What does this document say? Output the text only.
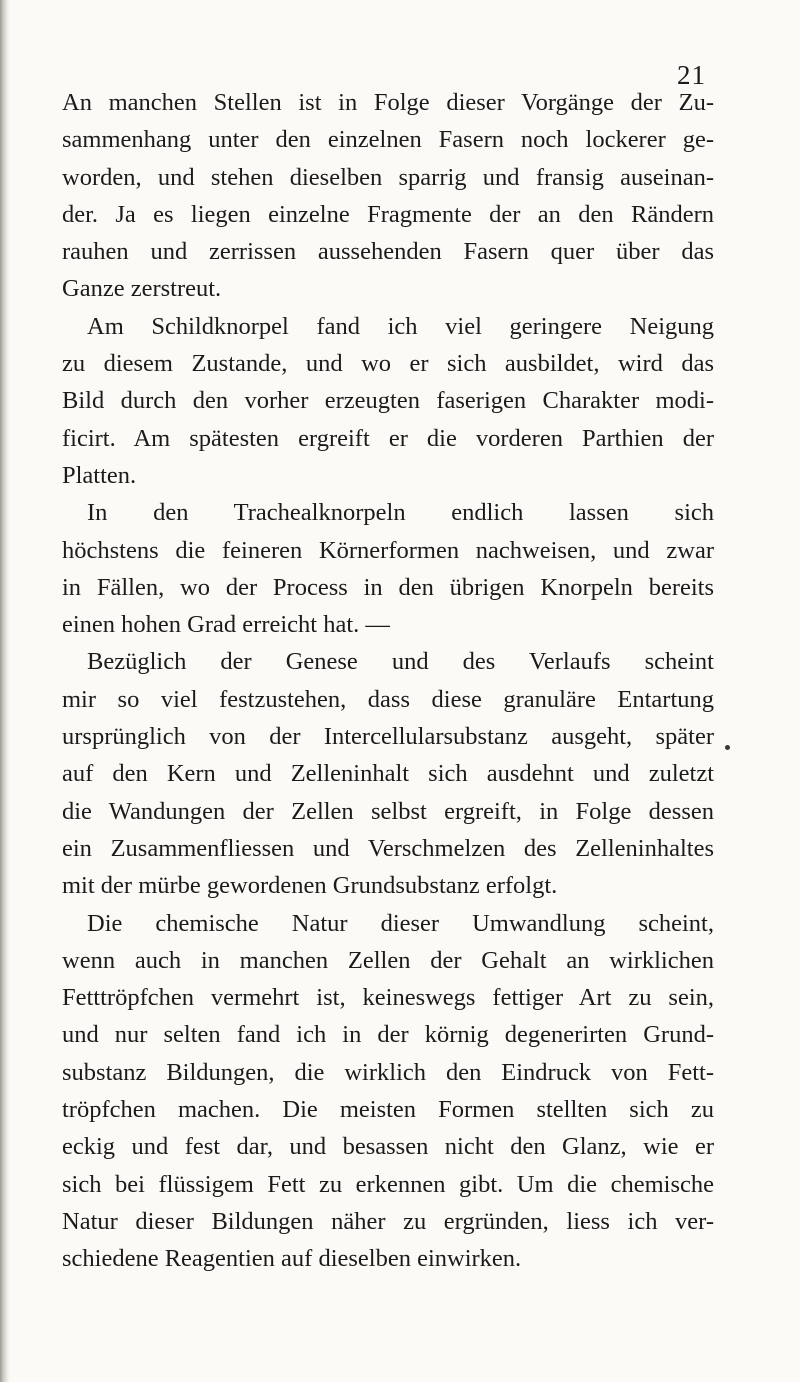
21
An manchen Stellen ist in Folge dieser Vorgänge der Zu-
sammenhang unter den einzelnen Fasern noch lockerer ge-
worden, und stehen dieselben sparrig und fransig auseinan-
der. Ja es liegen einzelne Fragmente der an den Rändern
rauhen und zerrissen aussehenden Fasern quer über das
Ganze zerstreut.
Am Schildknorpel fand ich viel geringere Neigung
zu diesem Zustande, und wo er sich ausbildet, wird das
Bild durch den vorher erzeugten faserigen Charakter modi-
ficirt. Am spätesten ergreift er die vorderen Parthien der
Platten.
In den Trachealknorpeln endlich lassen sich
höchstens die feineren Körnerformen nachweisen, und zwar
in Fällen, wo der Process in den übrigen Knorpeln bereits
einen hohen Grad erreicht hat. —
Bezüglich der Genese und des Verlaufs scheint
mir so viel festzustehen, dass diese granuläre Entartung
ursprünglich von der Intercellularsubstanz ausgeht, später
auf den Kern und Zelleninhalt sich ausdehnt und zuletzt
die Wandungen der Zellen selbst ergreift, in Folge dessen
ein Zusammenfliessen und Verschmelzen des Zelleninhaltes
mit der mürbe gewordenen Grundsubstanz erfolgt.
Die chemische Natur dieser Umwandlung scheint,
wenn auch in manchen Zellen der Gehalt an wirklichen
Fetttröpfchen vermehrt ist, keineswegs fettiger Art zu sein,
und nur selten fand ich in der körnig degenerirten Grund-
substanz Bildungen, die wirklich den Eindruck von Fett-
tröpfchen machen. Die meisten Formen stellten sich zu
eckig und fest dar, und besassen nicht den Glanz, wie er
sich bei flüssigem Fett zu erkennen gibt. Um die chemische
Natur dieser Bildungen näher zu ergründen, liess ich ver-
schiedene Reagentien auf dieselben einwirken.
